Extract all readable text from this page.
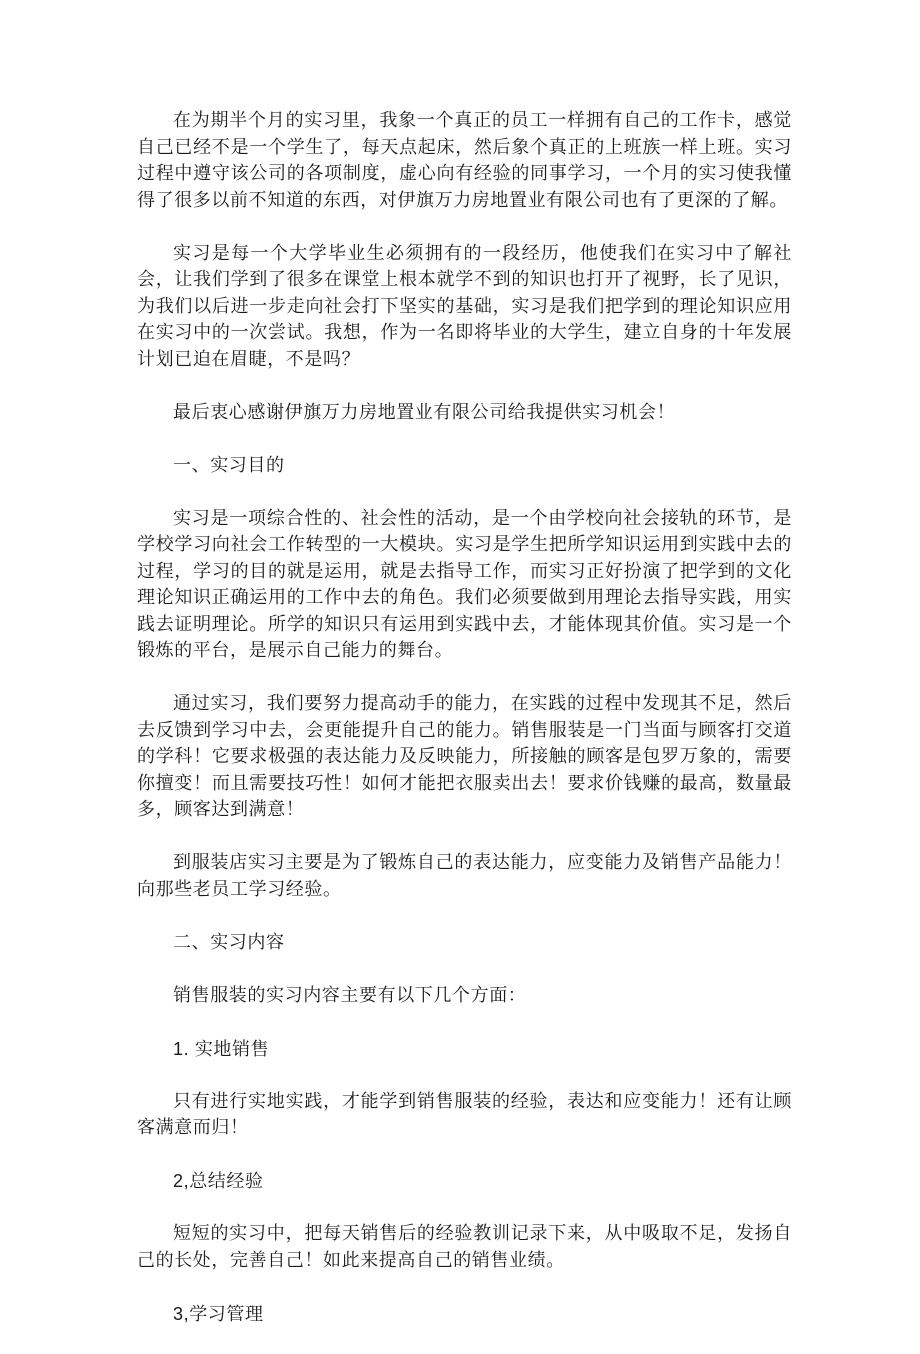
在为期半个月的实习里，我象一个真正的员工一样拥有自己的工作卡，感觉自己已经不是一个学生了，每天点起床，然后象个真正的上班族一样上班。实习过程中遵守该公司的各项制度，虚心向有经验的同事学习，一个月的实习使我懂得了很多以前不知道的东西，对伊旗万力房地置业有限公司也有了更深的了解。

实习是每一个大学毕业生必须拥有的一段经历，他使我们在实习中了解社会，让我们学到了很多在课堂上根本就学不到的知识也打开了视野，长了见识，为我们以后进一步走向社会打下坚实的基础，实习是我们把学到的理论知识应用在实习中的一次尝试。我想，作为一名即将毕业的大学生，建立自身的十年发展计划已迫在眉睫，不是吗？

最后衷心感谢伊旗万力房地置业有限公司给我提供实习机会！

一、实习目的

实习是一项综合性的、社会性的活动，是一个由学校向社会接轨的环节，是学校学习向社会工作转型的一大模块。实习是学生把所学知识运用到实践中去的过程，学习的目的就是运用，就是去指导工作，而实习正好扮演了把学到的文化理论知识正确运用的工作中去的角色。我们必须要做到用理论去指导实践，用实践去证明理论。所学的知识只有运用到实践中去，才能体现其价值。实习是一个锻炼的平台，是展示自己能力的舞台。

通过实习，我们要努力提高动手的能力，在实践的过程中发现其不足，然后去反馈到学习中去，会更能提升自己的能力。销售服装是一门当面与顾客打交道的学科！它要求极强的表达能力及反映能力，所接触的顾客是包罗万象的，需要你擅变！而且需要技巧性！如何才能把衣服卖出去！要求价钱赚的最高，数量最多，顾客达到满意！

到服装店实习主要是为了锻炼自己的表达能力，应变能力及销售产品能力！向那些老员工学习经验。

二、实习内容

销售服装的实习内容主要有以下几个方面：

1. 实地销售

只有进行实地实践，才能学到销售服装的经验，表达和应变能力！还有让顾客满意而归！

2,总结经验

短短的实习中，把每天销售后的经验教训记录下来，从中吸取不足，发扬自己的长处，完善自己！如此来提高自己的销售业绩。

3,学习管理
